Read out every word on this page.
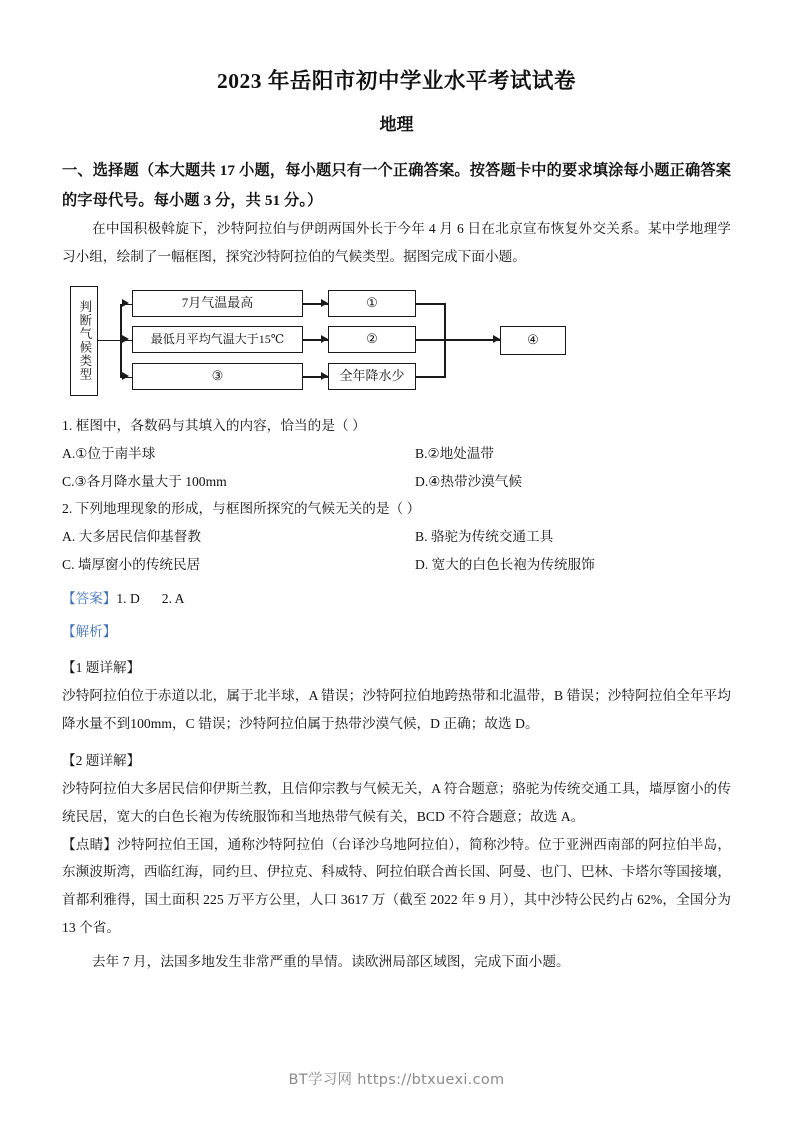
2023 年岳阳市初中学业水平考试试卷
地理

一、选择题（本大题共 17 小题，每小题只有一个正确答案。按答题卡中的要求填涂每小题正确答案的字母代号。每小题 3 分，共 51 分。）

在中国积极斡旋下，沙特阿拉伯与伊朗两国外长于今年 4 月 6 日在北京宣布恢复外交关系。某中学地理学习小组，绘制了一幅框图，探究沙特阿拉伯的气候类型。据图完成下面小题。

判断气候类型	7月气温最高
最低月平均气温大于15℃
③
①
②
全年降水少
④

1. 框图中，各数码与其填入的内容，恰当的是（ ）

A.①位于南半球	B.②地处温带
C.③各月降水量大于 100mm	D.④热带沙漠气候

2. 下列地理现象的形成，与框图所探究的气候无关的是（ ）

A. 大多居民信仰基督教	B. 骆驼为传统交通工具
C. 墙厚窗小的传统民居	D. 宽大的白色长袍为传统服饰

【答案】1. D 2. A

【解析】

【1 题详解】

沙特阿拉伯位于赤道以北，属于北半球，A 错误；沙特阿拉伯地跨热带和北温带，B 错误；沙特阿拉伯全年平均降水量不到100mm，C 错误；沙特阿拉伯属于热带沙漠气候，D 正确；故选 D。

【2 题详解】

沙特阿拉伯大多居民信仰伊斯兰教，且信仰宗教与气候无关，A 符合题意；骆驼为传统交通工具，墙厚窗小的传统民居，宽大的白色长袍为传统服饰和当地热带气候有关，BCD 不符合题意；故选 A。

【点睛】沙特阿拉伯王国，通称沙特阿拉伯（台译沙乌地阿拉伯），简称沙特。位于亚洲西南部的阿拉伯半岛，东濒波斯湾，西临红海，同约旦、伊拉克、科威特、阿拉伯联合酋长国、阿曼、也门、巴林、卡塔尔等国接壤，首都利雅得，国土面积 225 万平方公里，人口 3617 万（截至 2022 年 9 月），其中沙特公民约占 62%，全国分为 13 个省。

去年 7 月，法国多地发生非常严重的旱情。读欧洲局部区域图，完成下面小题。

BT学习网 https://btxuexi.com
